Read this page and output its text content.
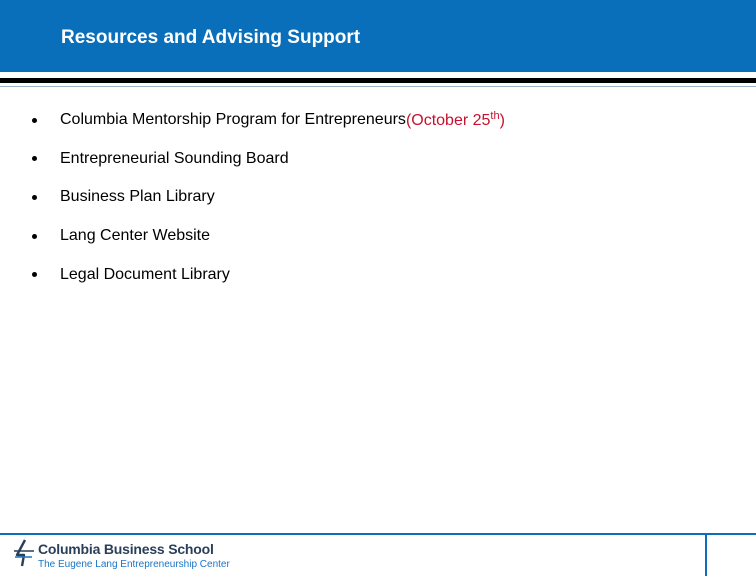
Resources and Advising Support
Columbia Mentorship Program for Entrepreneurs (October 25th)
Entrepreneurial Sounding Board
Business Plan Library
Lang Center Website
Legal Document Library
Columbia Business School
The Eugene Lang Entrepreneurship Center
